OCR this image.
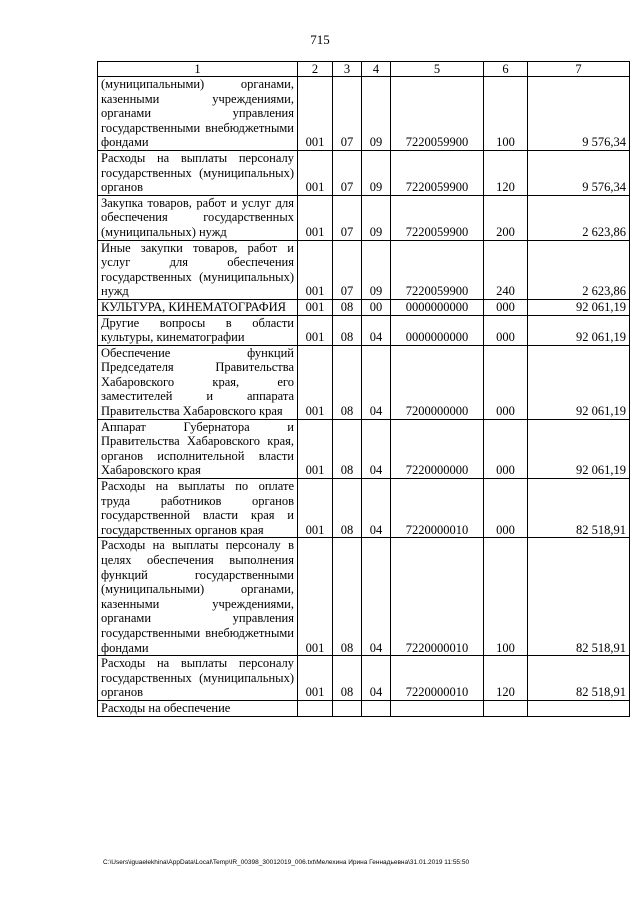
715
1	2	3	4	5	6	7
(муниципальными) органами, казенными учреждениями, органами управления государственными внебюджетными фондами	001	07	09	7220059900	100	9 576,34
Расходы на выплаты персоналу государственных (муниципальных) органов	001	07	09	7220059900	120	9 576,34
Закупка товаров, работ и услуг для обеспечения государственных (муниципальных) нужд	001	07	09	7220059900	200	2 623,86
Иные закупки товаров, работ и услуг для обеспечения государственных (муниципальных) нужд	001	07	09	7220059900	240	2 623,86
КУЛЬТУРА, КИНЕМАТОГРАФИЯ	001	08	00	0000000000	000	92 061,19
Другие вопросы в области культуры, кинематографии	001	08	04	0000000000	000	92 061,19
Обеспечение функций Председателя Правительства Хабаровского края, его заместителей и аппарата Правительства Хабаровского края	001	08	04	7200000000	000	92 061,19
Аппарат Губернатора и Правительства Хабаровского края, органов исполнительной власти Хабаровского края	001	08	04	7220000000	000	92 061,19
Расходы на выплаты по оплате труда работников органов государственной власти края и государственных органов края	001	08	04	7220000010	000	82 518,91
Расходы на выплаты персоналу в целях обеспечения выполнения функций государственными (муниципальными) органами, казенными учреждениями, органами управления государственными внебюджетными фондами	001	08	04	7220000010	100	82 518,91
Расходы на выплаты персоналу государственных (муниципальных) органов	001	08	04	7220000010	120	82 518,91
Расходы на обеспечение						
C:\Users\iguaelekhina\AppData\Local\Temp\IR_00398_30012019_006.txt\Мелехина Ирина Геннадьевна\31.01.2019 11:55:50
